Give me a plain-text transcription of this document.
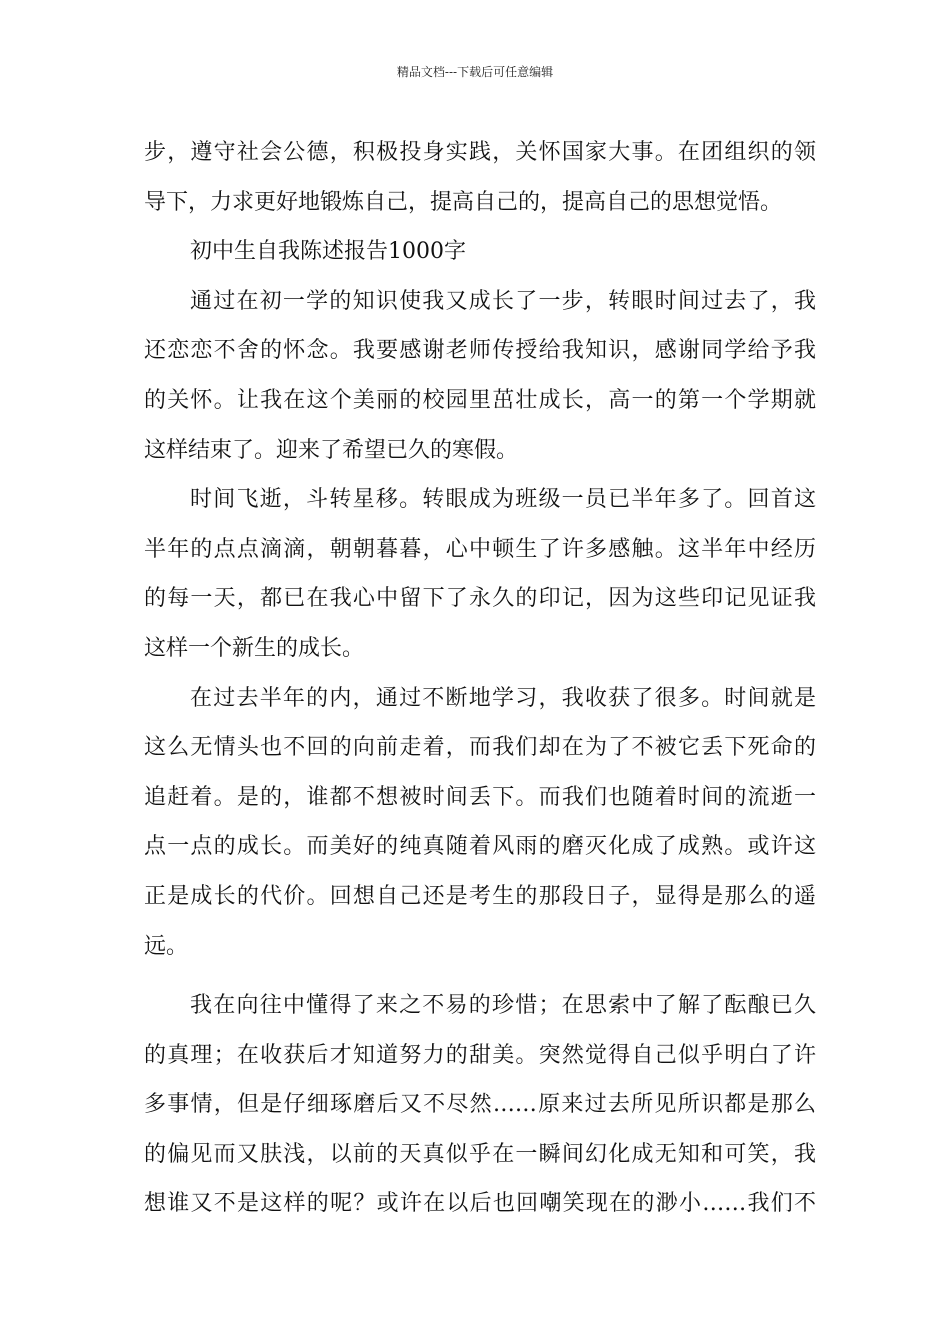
精品文档---下载后可任意编辑
步，遵守社会公德，积极投身实践，关怀国家大事。在团组织的领
导下，力求更好地锻炼自己，提高自己的，提高自己的思想觉悟。
初中生自我陈述报告1000字
通过在初一学的知识使我又成长了一步，转眼时间过去了，我
还恋恋不舍的怀念。我要感谢老师传授给我知识，感谢同学给予我
的关怀。让我在这个美丽的校园里茁壮成长，高一的第一个学期就
这样结束了。迎来了希望已久的寒假。
时间飞逝，斗转星移。转眼成为班级一员已半年多了。回首这
半年的点点滴滴，朝朝暮暮，心中顿生了许多感触。这半年中经历
的每一天，都已在我心中留下了永久的印记，因为这些印记见证我
这样一个新生的成长。
在过去半年的内，通过不断地学习，我收获了很多。时间就是
这么无情头也不回的向前走着，而我们却在为了不被它丢下死命的
追赶着。是的，谁都不想被时间丢下。而我们也随着时间的流逝一
点一点的成长。而美好的纯真随着风雨的磨灭化成了成熟。或许这
正是成长的代价。回想自己还是考生的那段日子，显得是那么的遥
远。
我在向往中懂得了来之不易的珍惜；在思索中了解了酝酿已久
的真理；在收获后才知道努力的甜美。突然觉得自己似乎明白了许
多事情，但是仔细琢磨后又不尽然……原来过去所见所识都是那么
的偏见而又肤浅，以前的天真似乎在一瞬间幻化成无知和可笑，我
想谁又不是这样的呢？或许在以后也回嘲笑现在的渺小……我们不
